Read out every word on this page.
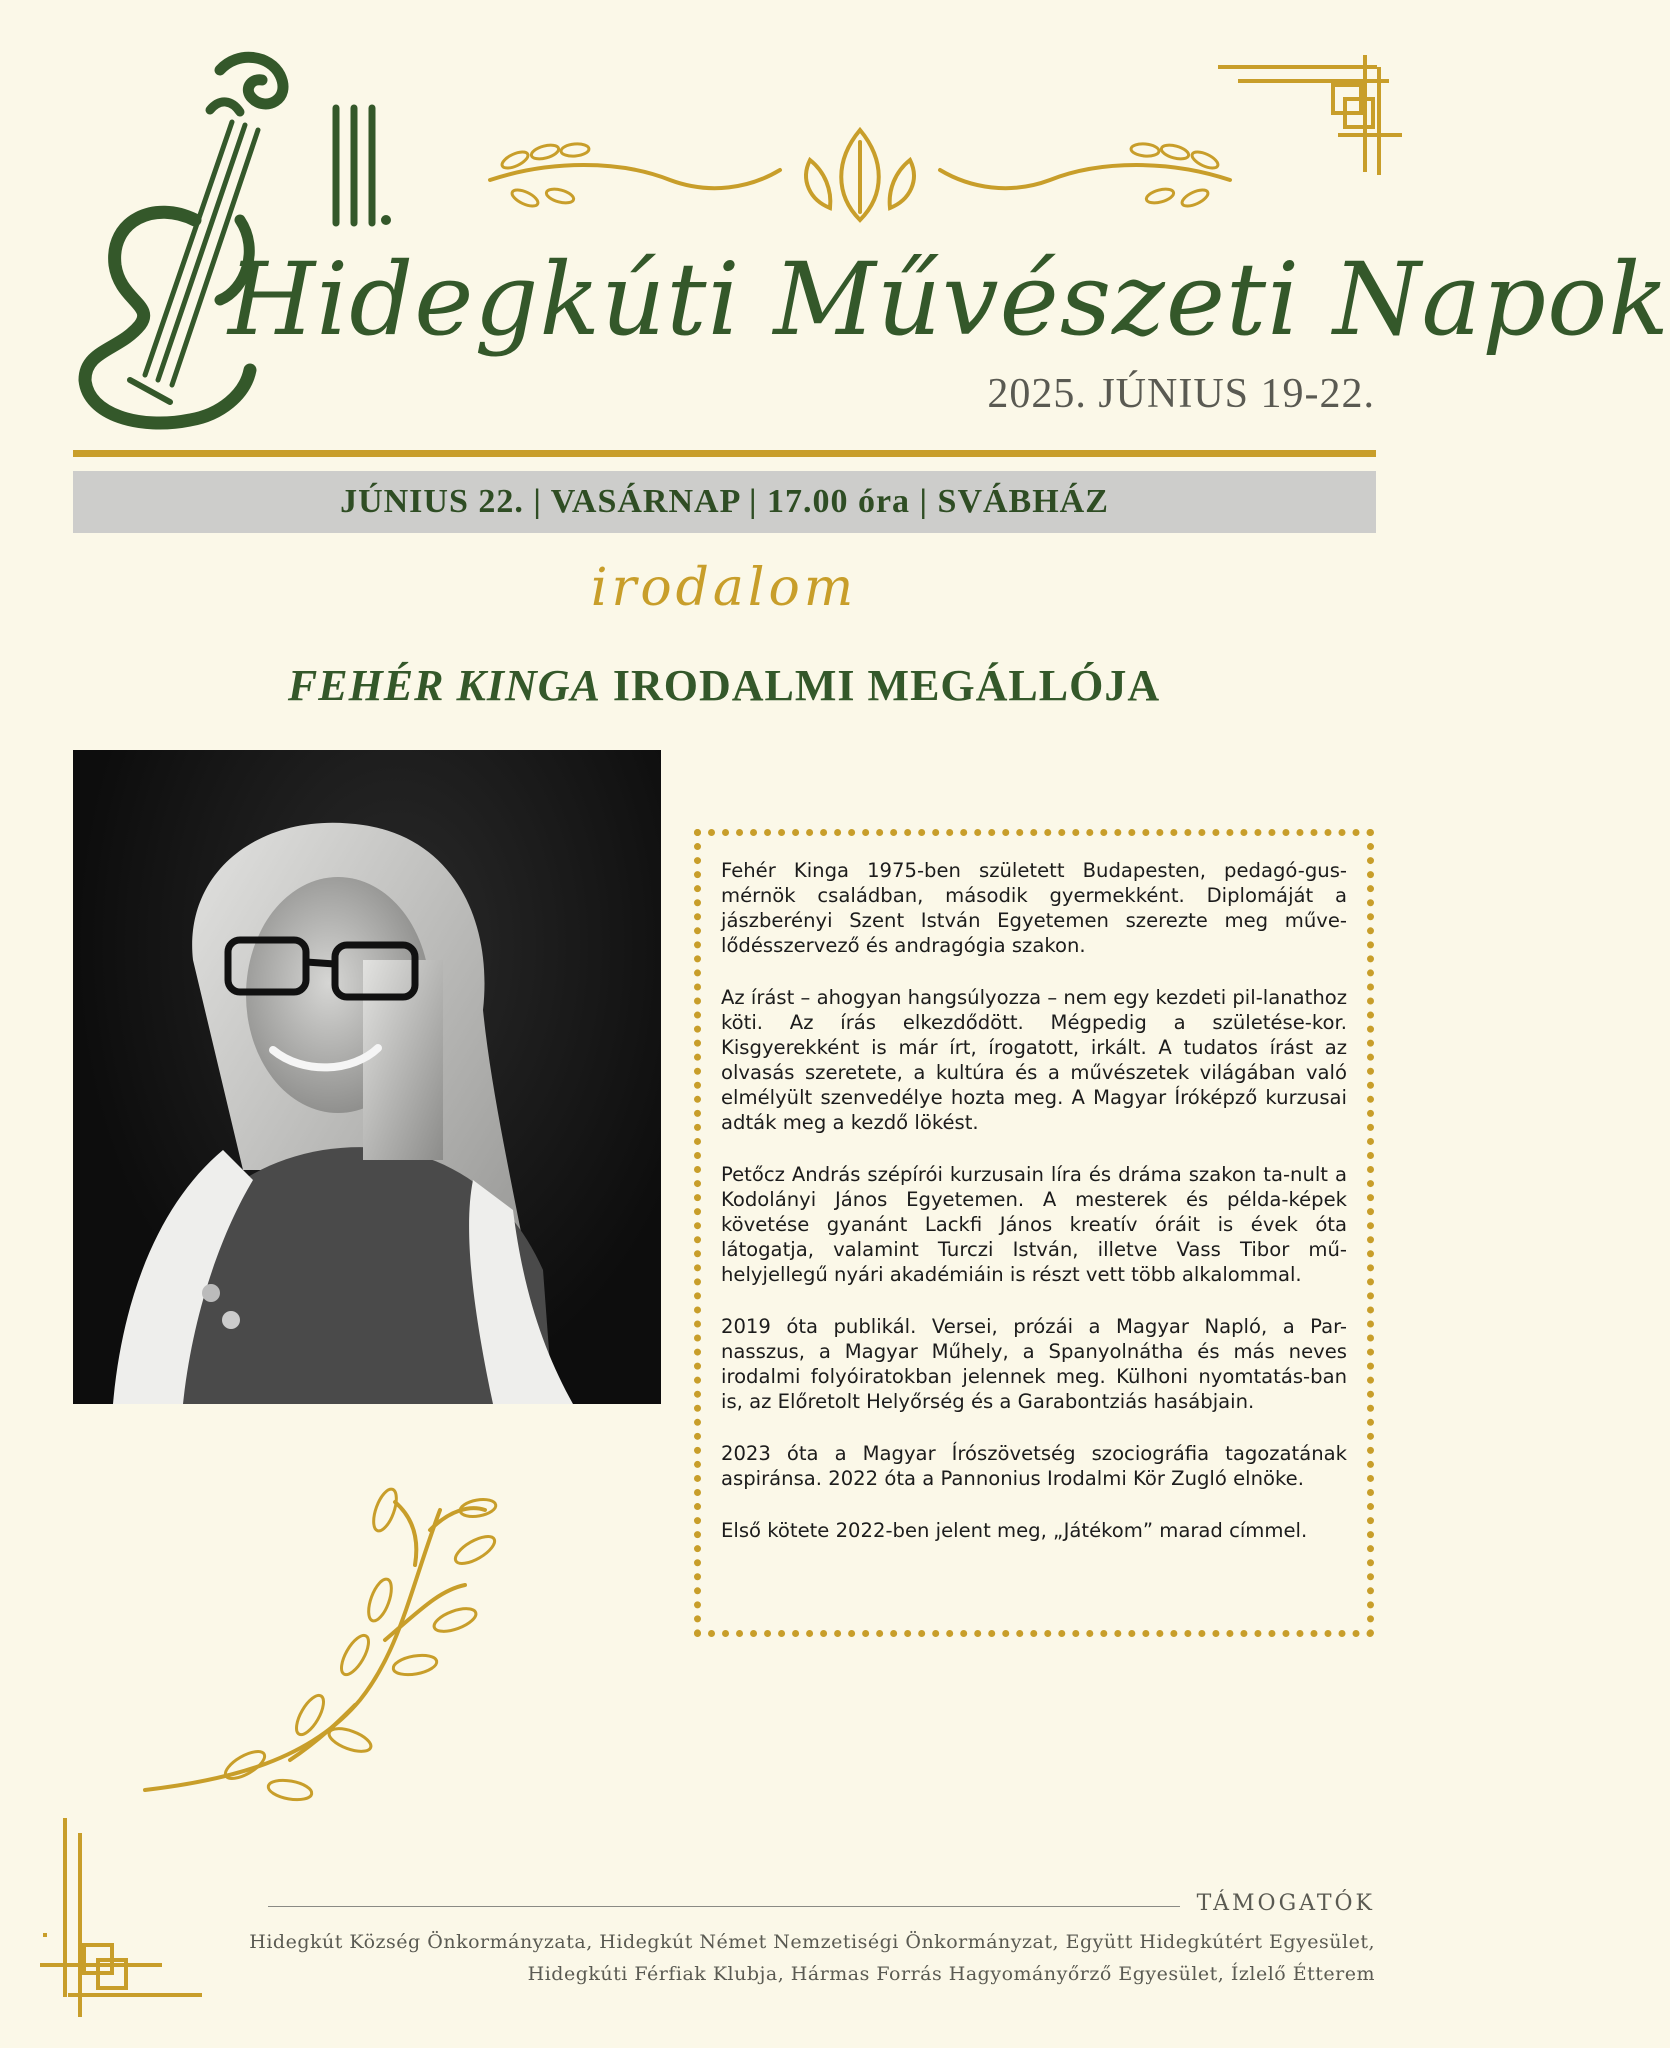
III.
Hidegkúti Művészeti Napok
2025. JÚNIUS 19-22.
JÚNIUS 22. | VASÁRNAP | 17.00 óra | SVÁBHÁZ
irodalom
FEHÉR KINGA IRODALMI MEGÁLLÓJA

Fehér Kinga 1975-ben született Budapesten, pedagó-gus-mérnök családban, második gyermekként. Diplomáját a jászberényi Szent István Egyetemen szerezte meg műve-lődésszervező és andragógia szakon.

Az írást – ahogyan hangsúlyozza – nem egy kezdeti pil-lanathoz köti. Az írás elkezdődött. Mégpedig a születése-kor. Kisgyerekként is már írt, írogatott, irkált. A tudatos írást az olvasás szeretete, a kultúra és a művészetek világában való elmélyült szenvedélye hozta meg. A Magyar Íróképző kurzusai adták meg a kezdő lökést.

Petőcz András szépírói kurzusain líra és dráma szakon ta-nult a Kodolányi János Egyetemen. A mesterek és példa-képek követése gyanánt Lackfi János kreatív óráit is évek óta látogatja, valamint Turczi István, illetve Vass Tibor mű-helyjellegű nyári akadémiáin is részt vett több alkalommal.

2019 óta publikál. Versei, prózái a Magyar Napló, a Par-nasszus, a Magyar Műhely, a Spanyolnátha és más neves irodalmi folyóiratokban jelennek meg. Külhoni nyomtatás-ban is, az Előretolt Helyőrség és a Garabontziás hasábjain.

2023 óta a Magyar Írószövetség szociográfia tagozatának aspiránsa. 2022 óta a Pannonius Irodalmi Kör Zugló elnöke.

Első kötete 2022-ben jelent meg, „Játékom” marad címmel.

TÁMOGATÓK
Hidegkút Község Önkormányzata, Hidegkút Német Nemzetiségi Önkormányzat, Együtt Hidegkútért Egyesület,
Hidegkúti Férfiak Klubja, Hármas Forrás Hagyományőrző Egyesület, Ízlelő Étterem
